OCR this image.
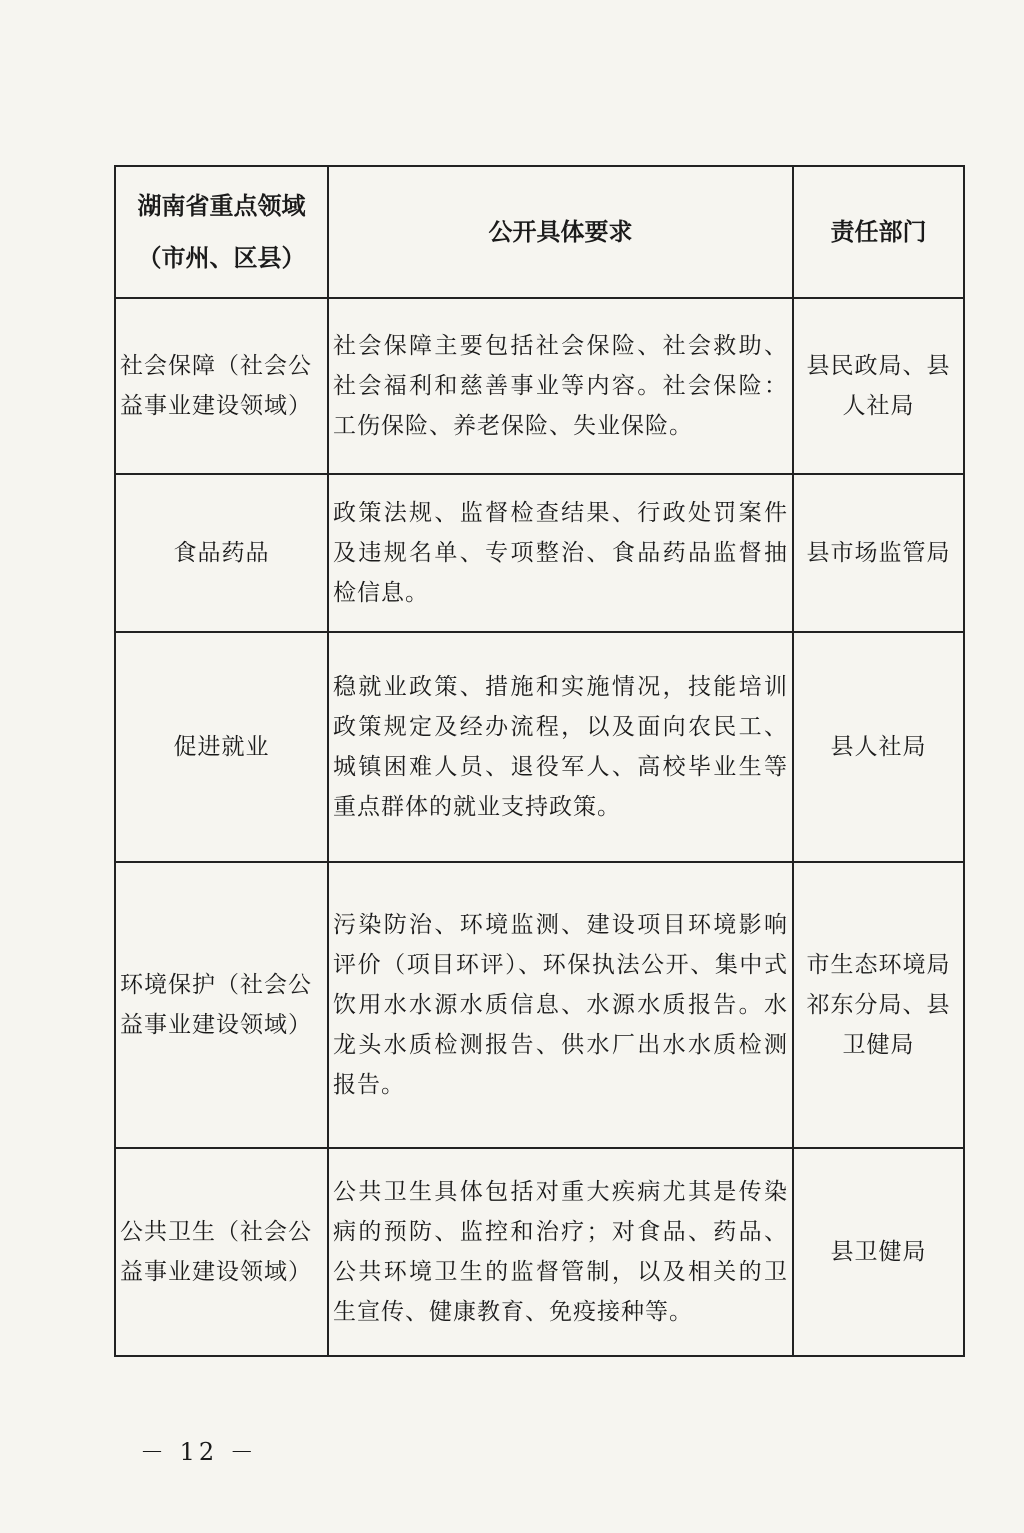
湖南省重点领域
（市州、区县）	公开具体要求	责任部门
社会保障（社会公益事业建设领域）	社会保障主要包括社会保险、社会救助、社会福利和慈善事业等内容。社会保险：工伤保险、养老保险、失业保险。	县民政局、县人社局
食品药品	政策法规、监督检查结果、行政处罚案件及违规名单、专项整治、食品药品监督抽检信息。	县市场监管局
促进就业	稳就业政策、措施和实施情况，技能培训政策规定及经办流程，以及面向农民工、城镇困难人员、退役军人、高校毕业生等重点群体的就业支持政策。	县人社局
环境保护（社会公益事业建设领域）	污染防治、环境监测、建设项目环境影响评价（项目环评）、环保执法公开、集中式饮用水水源水质信息、水源水质报告。水龙头水质检测报告、供水厂出水水质检测报告。	市生态环境局祁东分局、县卫健局
公共卫生（社会公益事业建设领域）	公共卫生具体包括对重大疾病尤其是传染病的预防、监控和治疗；对食品、药品、公共环境卫生的监督管制，以及相关的卫生宣传、健康教育、免疫接种等。	县卫健局
－ 12 －
